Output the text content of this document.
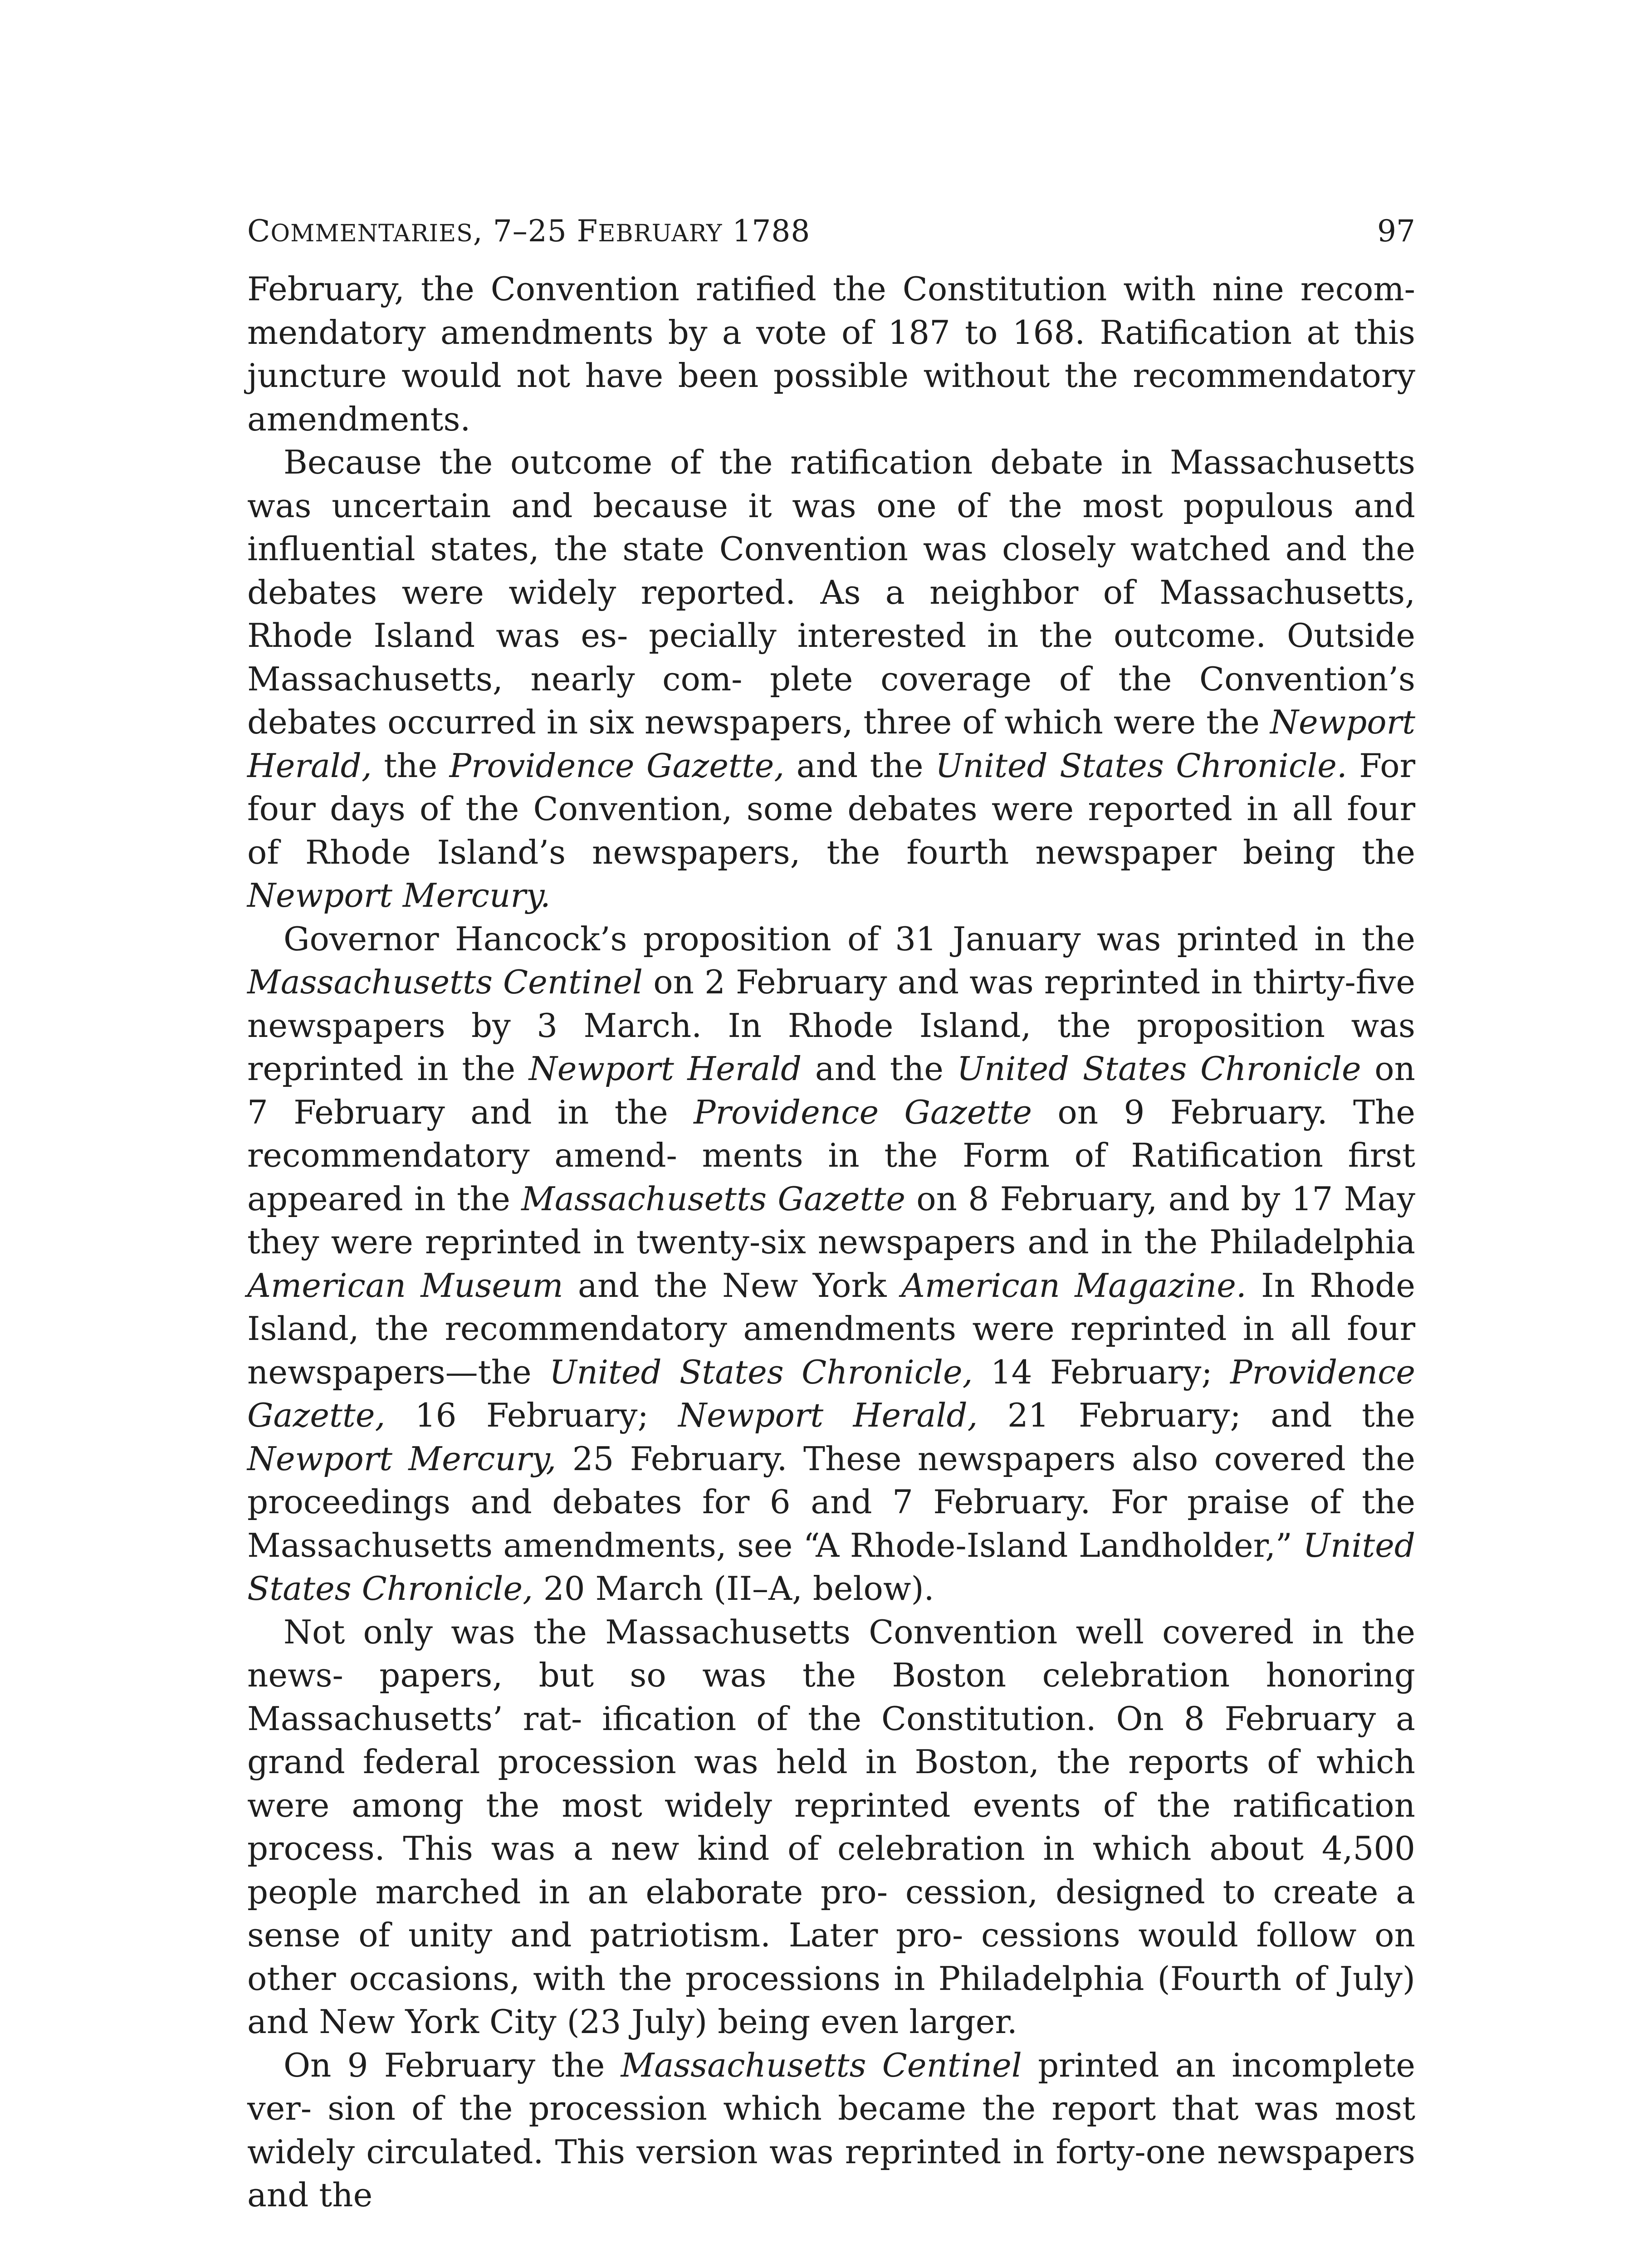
COMMENTARIES, 7–25 FEBRUARY 1788	97

February, the Convention ratified the Constitution with nine recom- mendatory amendments by a vote of 187 to 168. Ratification at this juncture would not have been possible without the recommendatory amendments.

Because the outcome of the ratification debate in Massachusetts was uncertain and because it was one of the most populous and influential states, the state Convention was closely watched and the debates were widely reported. As a neighbor of Massachusetts, Rhode Island was es- pecially interested in the outcome. Outside Massachusetts, nearly com- plete coverage of the Convention’s debates occurred in six newspapers, three of which were the Newport Herald, the Providence Gazette, and the United States Chronicle. For four days of the Convention, some debates were reported in all four of Rhode Island’s newspapers, the fourth newspaper being the Newport Mercury.

Governor Hancock’s proposition of 31 January was printed in the Massachusetts Centinel on 2 February and was reprinted in thirty-five newspapers by 3 March. In Rhode Island, the proposition was reprinted in the Newport Herald and the United States Chronicle on 7 February and in the Providence Gazette on 9 February. The recommendatory amend- ments in the Form of Ratification first appeared in the Massachusetts Gazette on 8 February, and by 17 May they were reprinted in twenty-six newspapers and in the Philadelphia American Museum and the New York American Magazine. In Rhode Island, the recommendatory amendments were reprinted in all four newspapers—the United States Chronicle, 14 February; Providence Gazette, 16 February; Newport Herald, 21 February; and the Newport Mercury, 25 February. These newspapers also covered the proceedings and debates for 6 and 7 February. For praise of the Massachusetts amendments, see “A Rhode-Island Landholder,” United States Chronicle, 20 March (II–A, below).

Not only was the Massachusetts Convention well covered in the news- papers, but so was the Boston celebration honoring Massachusetts’ rat- ification of the Constitution. On 8 February a grand federal procession was held in Boston, the reports of which were among the most widely reprinted events of the ratification process. This was a new kind of celebration in which about 4,500 people marched in an elaborate pro- cession, designed to create a sense of unity and patriotism. Later pro- cessions would follow on other occasions, with the processions in Philadelphia (Fourth of July) and New York City (23 July) being even larger.

On 9 February the Massachusetts Centinel printed an incomplete ver- sion of the procession which became the report that was most widely circulated. This version was reprinted in forty-one newspapers and the
